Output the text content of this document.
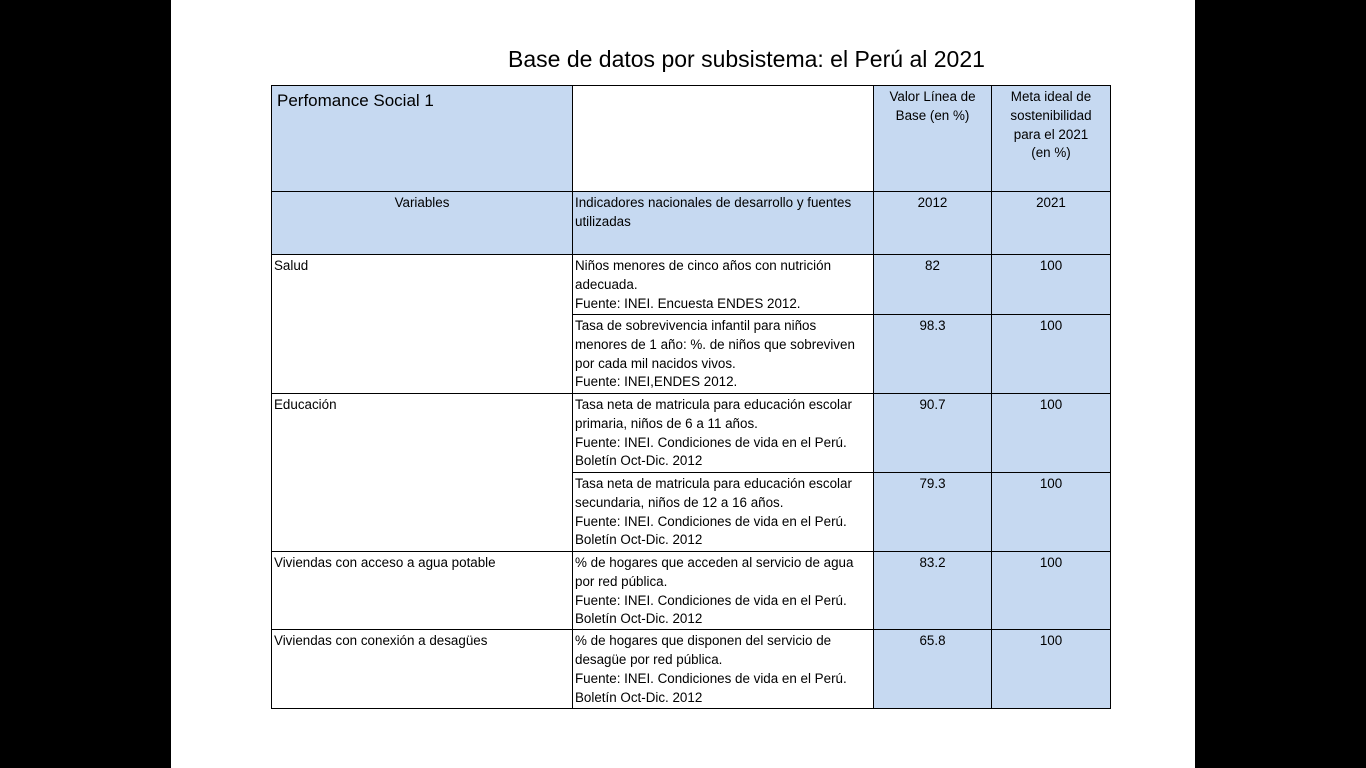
Base de datos por subsistema: el Perú al 2021
Perfomance Social 1		Valor Línea de
Base (en %)	Meta ideal de
sostenibilidad
para el 2021
(en %)

Variables	Indicadores nacionales de desarrollo y fuentes
utilizadas	2012	2021
Salud	Niños menores de cinco años con nutrición
adecuada.
Fuente: INEI. Encuesta ENDES 2012.	82	100

	Tasa de sobrevivencia infantil para niños
menores de 1 año: %. de niños que sobreviven
por cada mil nacidos vivos.
Fuente: INEI,ENDES 2012.	98.3	100
Educación	Tasa neta de matricula para educación escolar
primaria, niños de 6 a 11 años.
Fuente: INEI. Condiciones de vida en el Perú.
Boletín Oct-Dic. 2012	90.7	100

	Tasa neta de matricula para educación escolar
secundaria, niños de 12 a 16 años.
Fuente: INEI. Condiciones de vida en el Perú.
Boletín Oct-Dic. 2012	79.3	100
Viviendas con acceso a agua potable	% de hogares que acceden al servicio de agua
por red pública.
Fuente: INEI. Condiciones de vida en el Perú.
Boletín Oct-Dic. 2012	83.2	100
Viviendas con conexión a desagües	% de hogares que disponen del servicio de
desagüe por red pública.
Fuente: INEI. Condiciones de vida en el Perú.
Boletín Oct-Dic. 2012	65.8	100
